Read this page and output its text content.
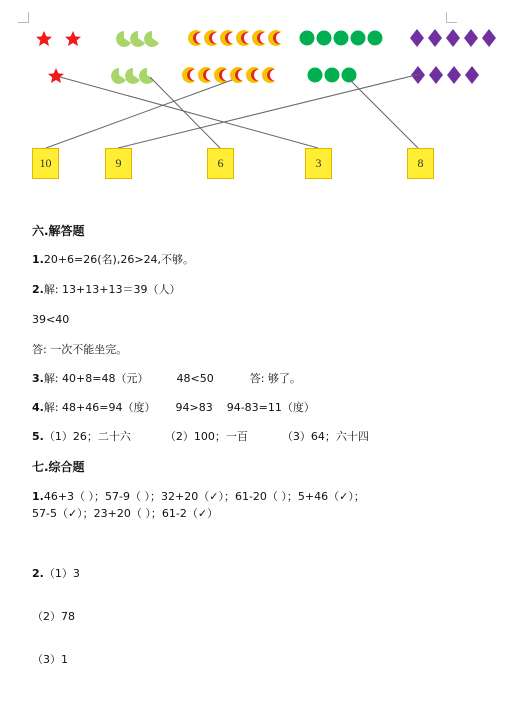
10	9	6	3	8
六.解答题
1.20+6=26(名),26>24,不够。
2.解: 13+13+13＝39（人）
39<40
答: 一次不能坐完。
3.解: 40+8=48（元）	48<50	答: 够了。
4.解: 48+46=94（度） 94>83 94-83=11（度）
5.（1）26；二十六	（2）100；一百	（3）64；六十四
七.综合题
1.46+3（ ）；57-9（ ）；32+20（✓）；61-20（ ）；5+46（✓）；
57-5（✓）；23+20（ ）；61-2（✓）
2.（1）3
（2）78
（3）1
